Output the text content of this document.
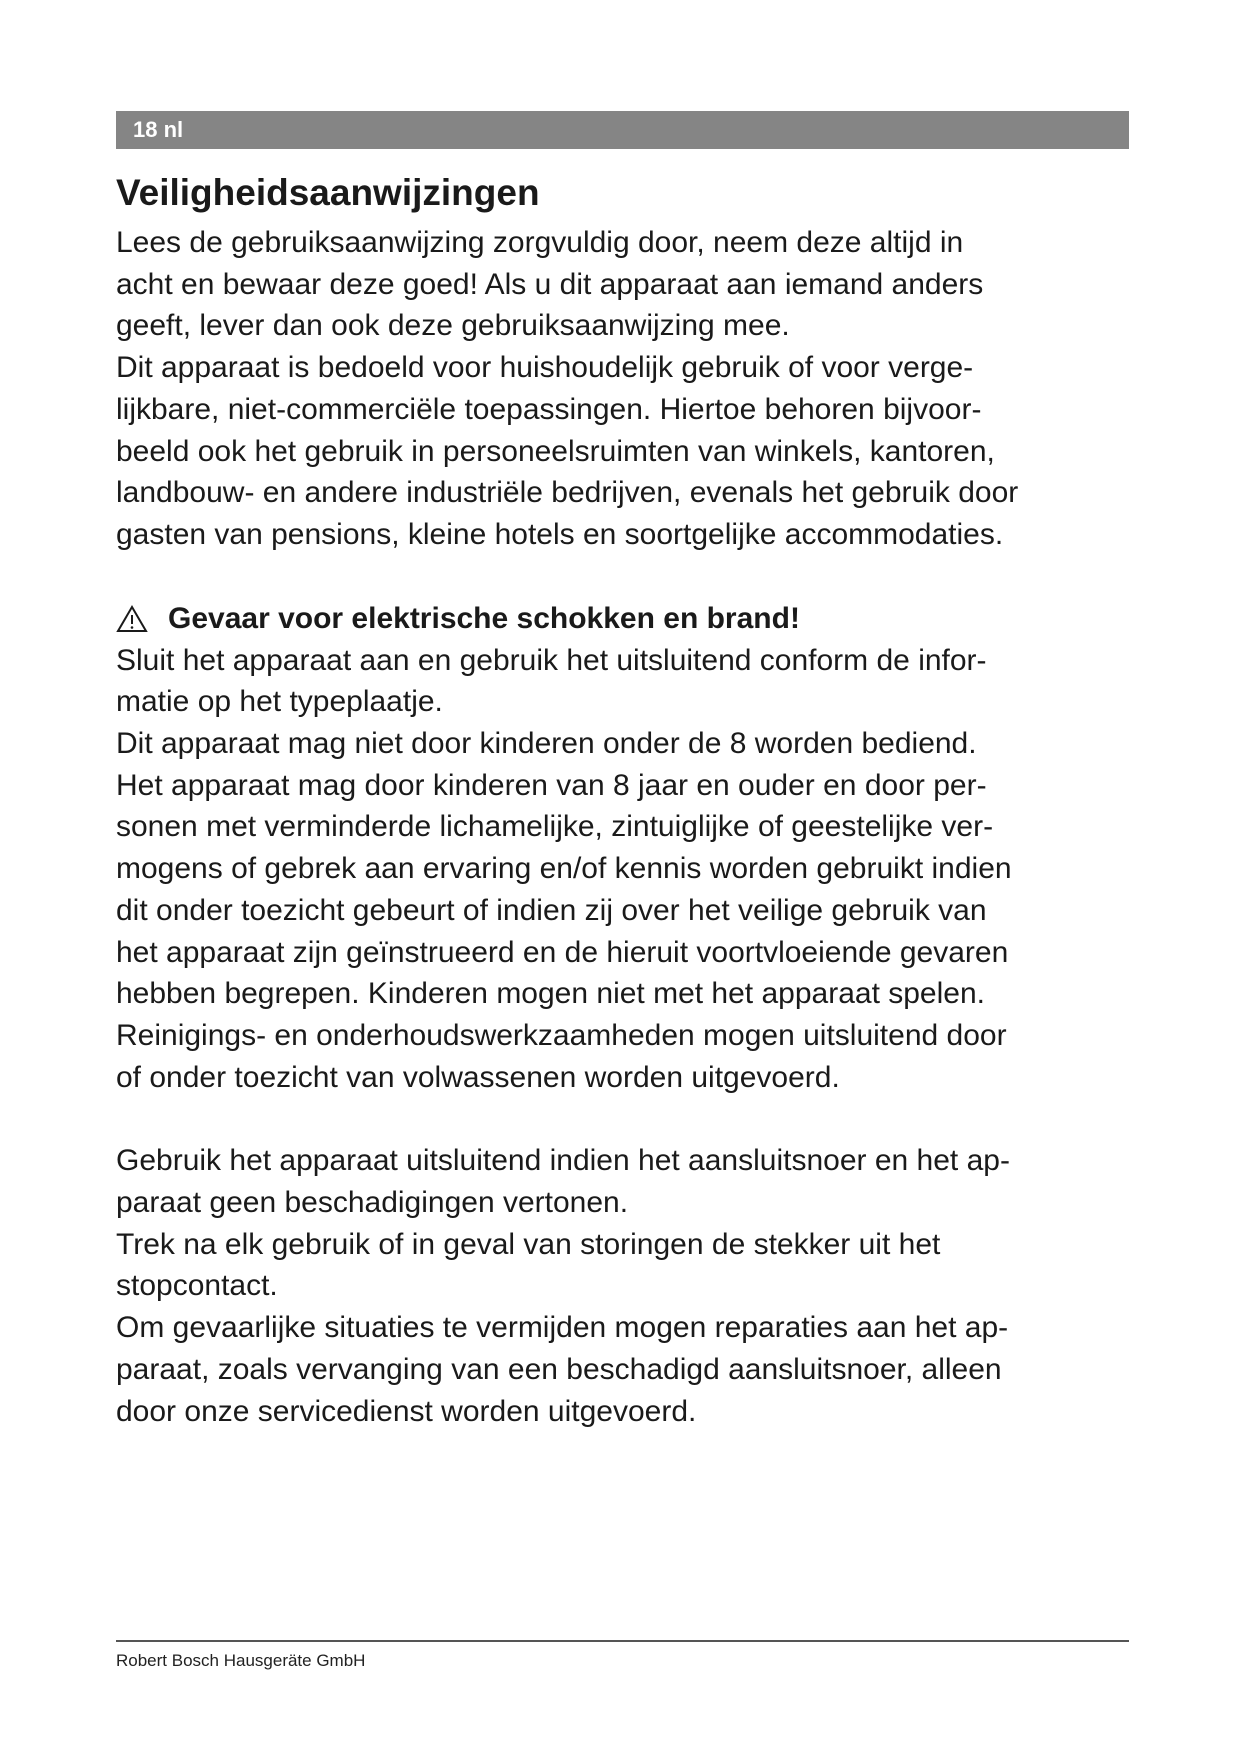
18 nl
Veiligheidsaanwijzingen

Lees de gebruiksaanwijzing zorgvuldig door, neem deze altijd in
acht en bewaar deze goed! Als u dit apparaat aan iemand anders
geeft, lever dan ook deze gebruiksaanwijzing mee.
Dit apparaat is bedoeld voor huishoudelijk gebruik of voor verge-
lijkbare, niet-commerciële toepassingen. Hiertoe behoren bijvoor-
beeld ook het gebruik in personeelsruimten van winkels, kantoren,
landbouw- en andere industriële bedrijven, evenals het gebruik door
gasten van pensions, kleine hotels en soortgelijke accommodaties.

Gevaar voor elektrische schokken en brand!

Sluit het apparaat aan en gebruik het uitsluitend conform de infor-
matie op het typeplaatje.
Dit apparaat mag niet door kinderen onder de 8 worden bediend.
Het apparaat mag door kinderen van 8 jaar en ouder en door per-
sonen met verminderde lichamelijke, zintuiglijke of geestelijke ver-
mogens of gebrek aan ervaring en/of kennis worden gebruikt indien
dit onder toezicht gebeurt of indien zij over het veilige gebruik van
het apparaat zijn geïnstrueerd en de hieruit voortvloeiende gevaren
hebben begrepen. Kinderen mogen niet met het apparaat spelen.
Reinigings- en onderhoudswerkzaamheden mogen uitsluitend door
of onder toezicht van volwassenen worden uitgevoerd.

Gebruik het apparaat uitsluitend indien het aansluitsnoer en het ap-
paraat geen beschadigingen vertonen.
Trek na elk gebruik of in geval van storingen de stekker uit het
stopcontact.
Om gevaarlijke situaties te vermijden mogen reparaties aan het ap-
paraat, zoals vervanging van een beschadigd aansluitsnoer, alleen
door onze servicedienst worden uitgevoerd.

Robert Bosch Hausgeräte GmbH
